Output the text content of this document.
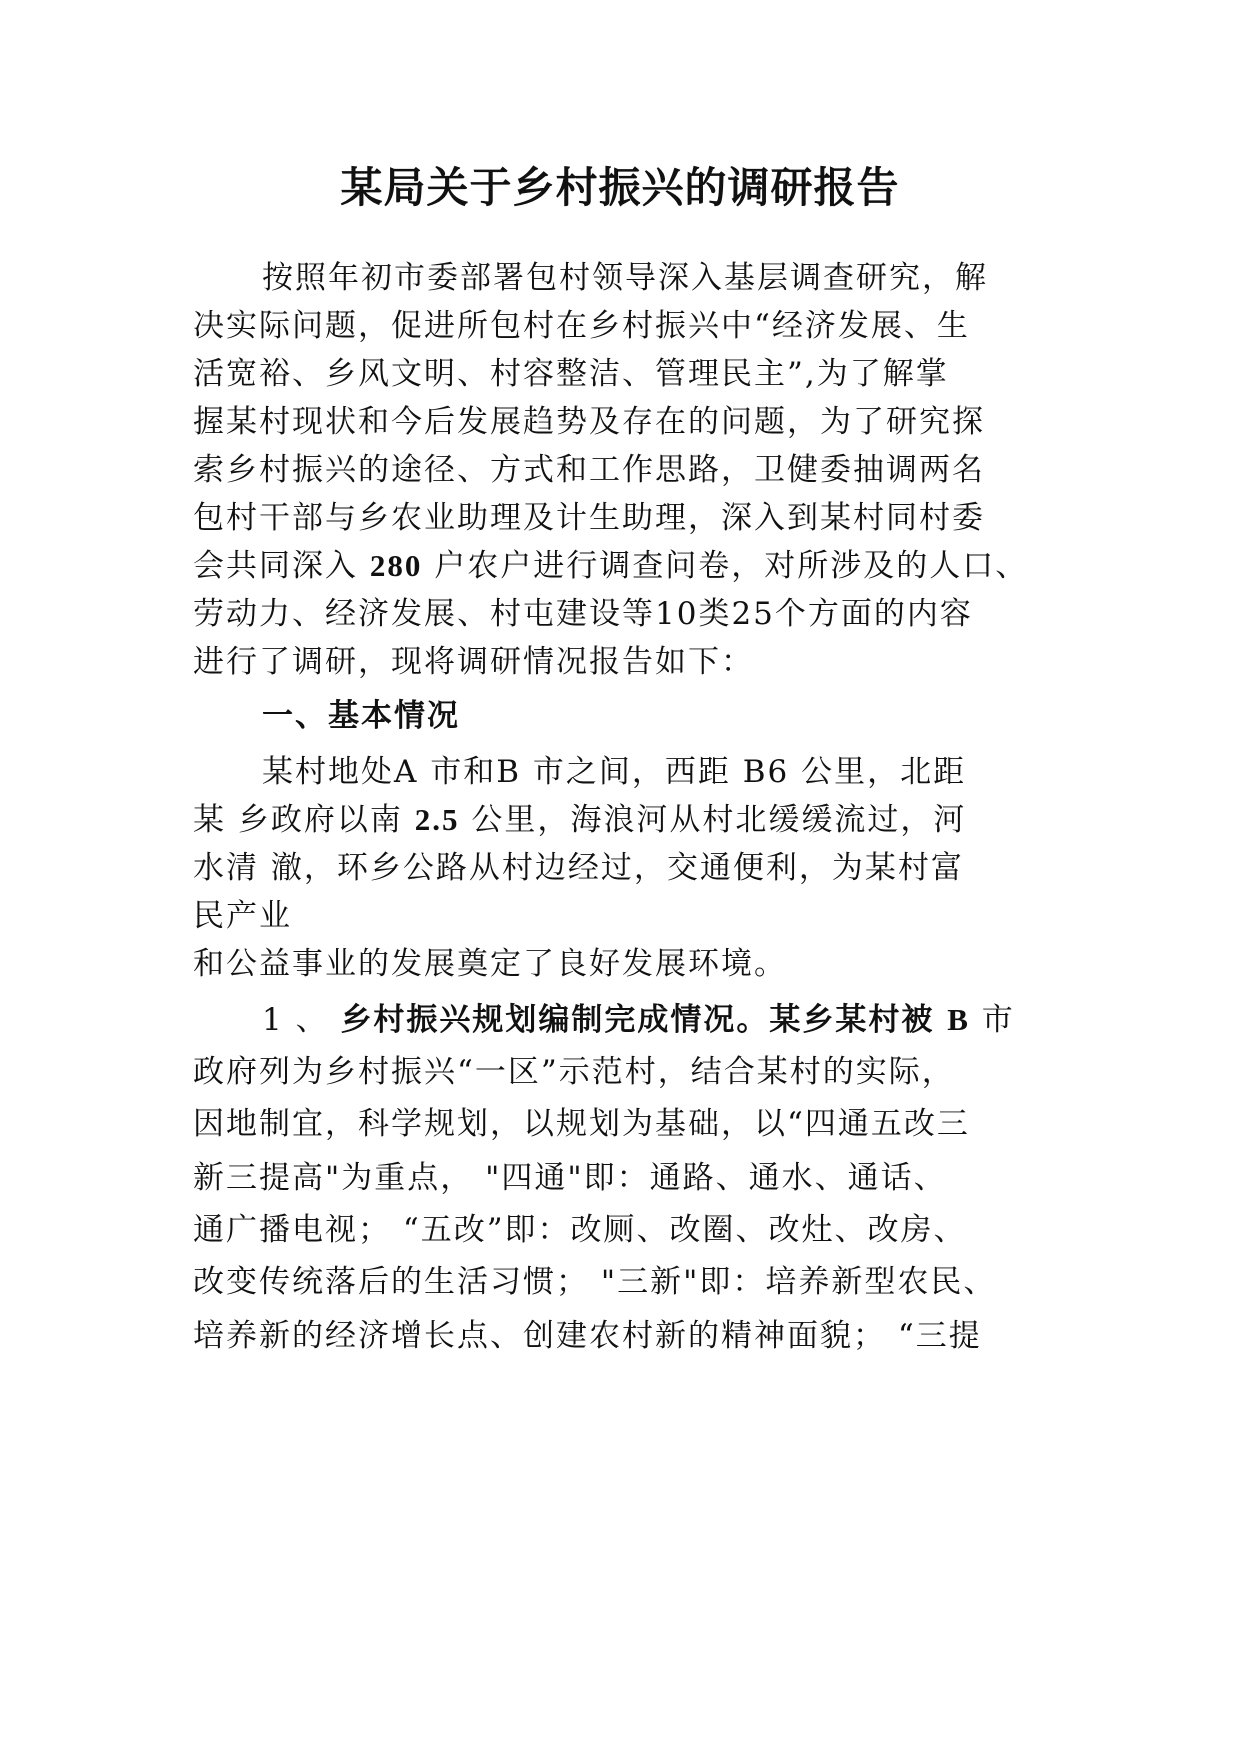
某局关于乡村振兴的调研报告

按照年初市委部署包村领导深入基层调查研究，解

决实际问题，促进所包村在乡村振兴中“经济发展、生

活宽裕、乡风文明、村容整洁、管理民主”,为了解掌

握某村现状和今后发展趋势及存在的问题，为了研究探

索乡村振兴的途径、方式和工作思路，卫健委抽调两名

包村干部与乡农业助理及计生助理，深入到某村同村委

会共同深入 280 户农户进行调查问卷，对所涉及的人口、

劳动力、经济发展、村屯建设等10类25个方面的内容

进行了调研，现将调研情况报告如下：

一、基本情况

某村地处A 市和B 市之间，西距 B6 公里，北距

某 乡政府以南 2.5 公里，海浪河从村北缓缓流过，河

水清 澈，环乡公路从村边经过，交通便利，为某村富

民产业

和公益事业的发展奠定了良好发展环境。

1 、 乡村振兴规划编制完成情况。某乡某村被 B 市

政府列为乡村振兴“一区”示范村，结合某村的实际，

因地制宜，科学规划，以规划为基础，以“四通五改三

新三提高"为重点， "四通"即：通路、通水、通话、

通广播电视； “五改”即：改厕、改圈、改灶、改房、

改变传统落后的生活习惯； "三新"即：培养新型农民、

培养新的经济增长点、创建农村新的精神面貌； “三提
